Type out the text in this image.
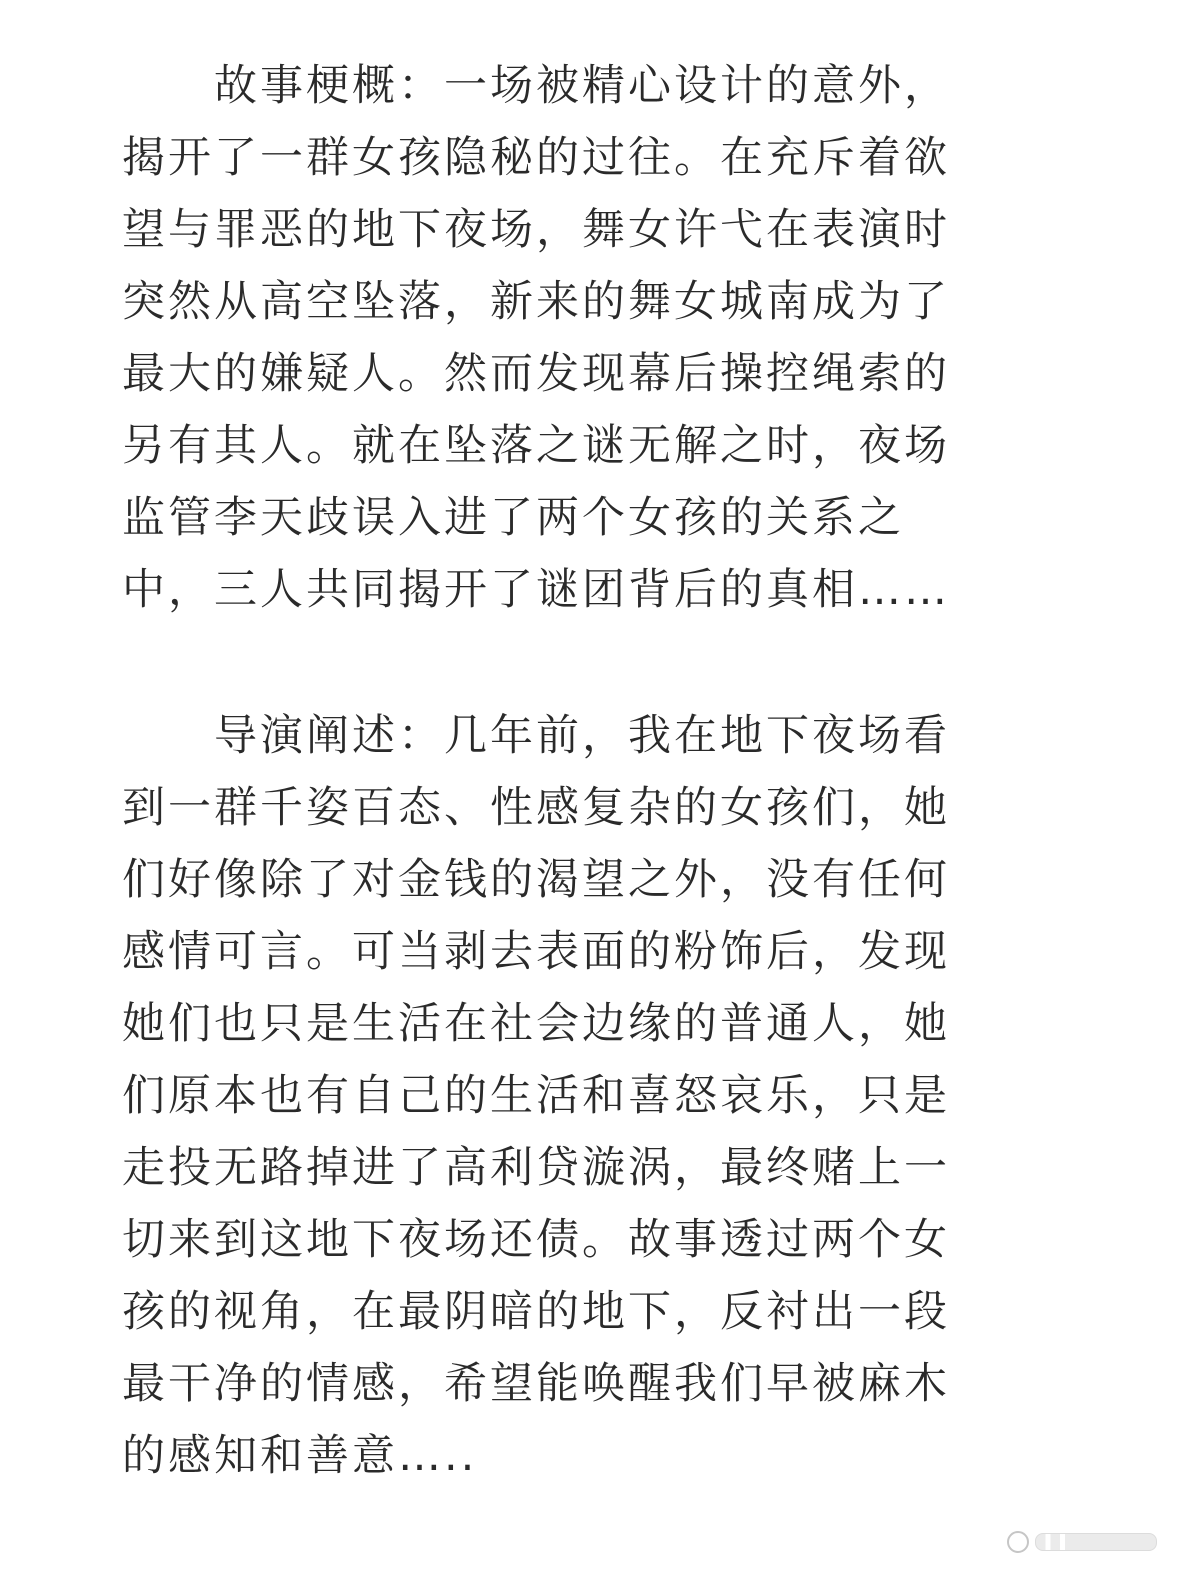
　　故事梗概：一场被精心设计的意外，
揭开了一群女孩隐秘的过往。在充斥着欲
望与罪恶的地下夜场，舞女许弋在表演时
突然从高空坠落，新来的舞女城南成为了
最大的嫌疑人。然而发现幕后操控绳索的
另有其人。就在坠落之谜无解之时，夜场
监管李天歧误入进了两个女孩的关系之
中，三人共同揭开了谜团背后的真相……
　　导演阐述：几年前，我在地下夜场看
到一群千姿百态、性感复杂的女孩们，她
们好像除了对金钱的渴望之外，没有任何
感情可言。可当剥去表面的粉饰后，发现
她们也只是生活在社会边缘的普通人，她
们原本也有自己的生活和喜怒哀乐，只是
走投无路掉进了高利贷漩涡，最终赌上一
切来到这地下夜场还债。故事透过两个女
孩的视角，在最阴暗的地下，反衬出一段
最干净的情感，希望能唤醒我们早被麻木
的感知和善意…..
